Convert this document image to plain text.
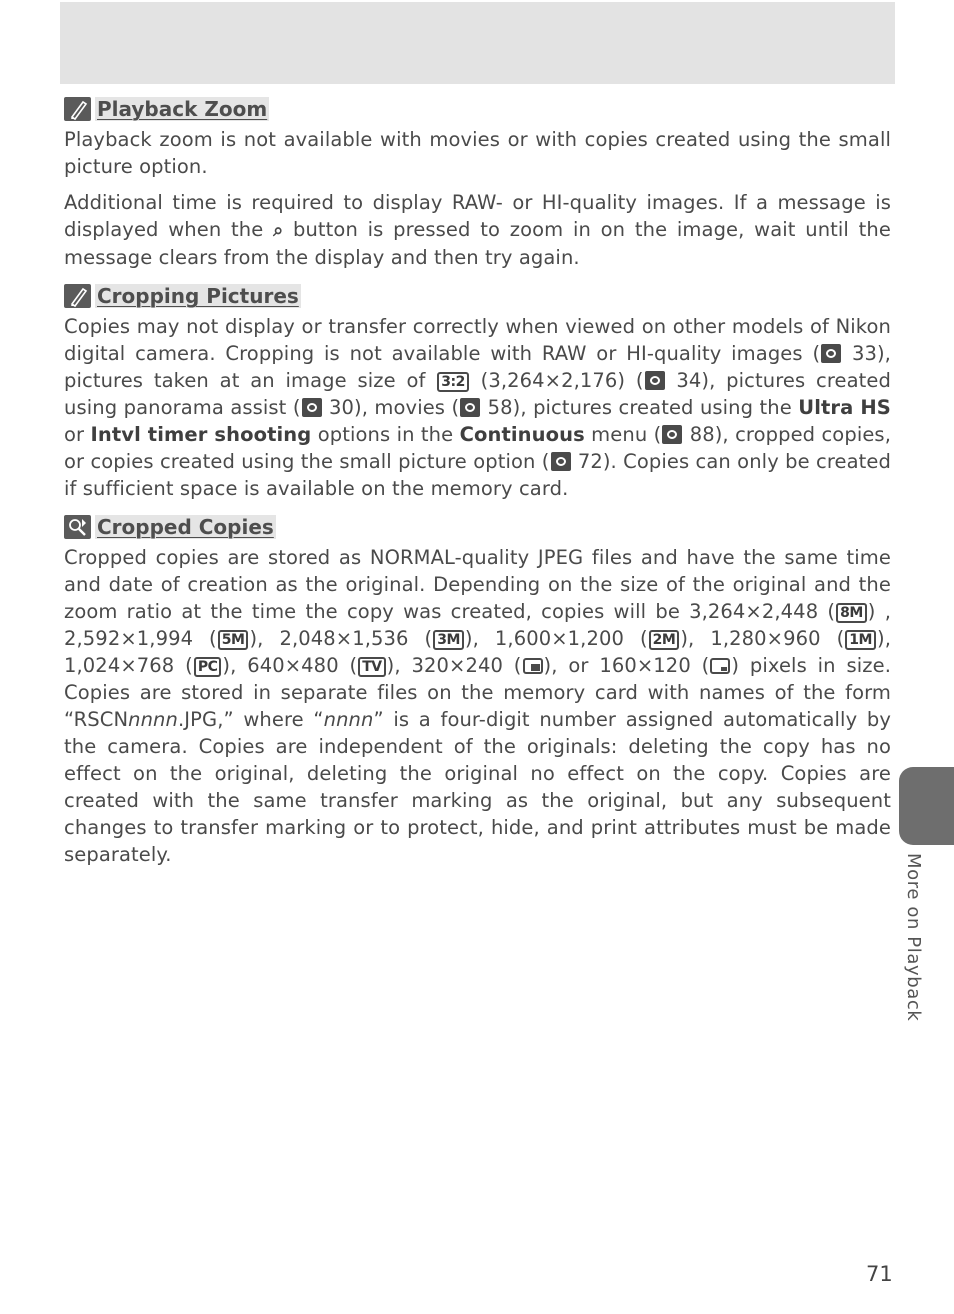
Playback Zoom

Playback zoom is not available with movies or with copies created using the small picture option.

Additional time is required to display RAW- or HI-quality images. If a message is displayed when the ⌕ button is pressed to zoom in on the image, wait until the message clears from the display and then try again.

Cropping Pictures

Copies may not display or transfer correctly when viewed on other models of Nikon digital camera. Cropping is not available with RAW or HI-quality images ( 33), pictures taken at an image size of 3:2 (3,264×2,176) ( 34), pictures created using panorama assist ( 30), movies ( 58), pictures created using the Ultra HS or Intvl timer shooting options in the Continuous menu ( 88), cropped copies, or copies created using the small picture option ( 72). Copies can only be created if sufficient space is available on the memory card.

Cropped Copies

Cropped copies are stored as NORMAL-quality JPEG files and have the same time and date of creation as the original. Depending on the size of the original and the zoom ratio at the time the copy was created, copies will be 3,264×2,448 ( 8M ) , 2,592×1,994 ( 5M ), 2,048×1,536 ( 3M ), 1,600×1,200 ( 2M ), 1,280×960 ( 1M ), 1,024×768 ( PC ), 640×480 ( TV ), 320×240 ( ), or 160×120 ( ) pixels in size. Copies are stored in separate files on the memory card with names of the form “RSCNnnnn.JPG,” where “nnnn” is a four-digit number assigned automatically by the camera. Copies are independent of the originals: deleting the copy has no effect on the original, deleting the original no effect on the copy. Copies are created with the same transfer marking as the original, but any subsequent changes to transfer marking or to protect, hide, and print attributes must be made separately.	More on Playback
71
